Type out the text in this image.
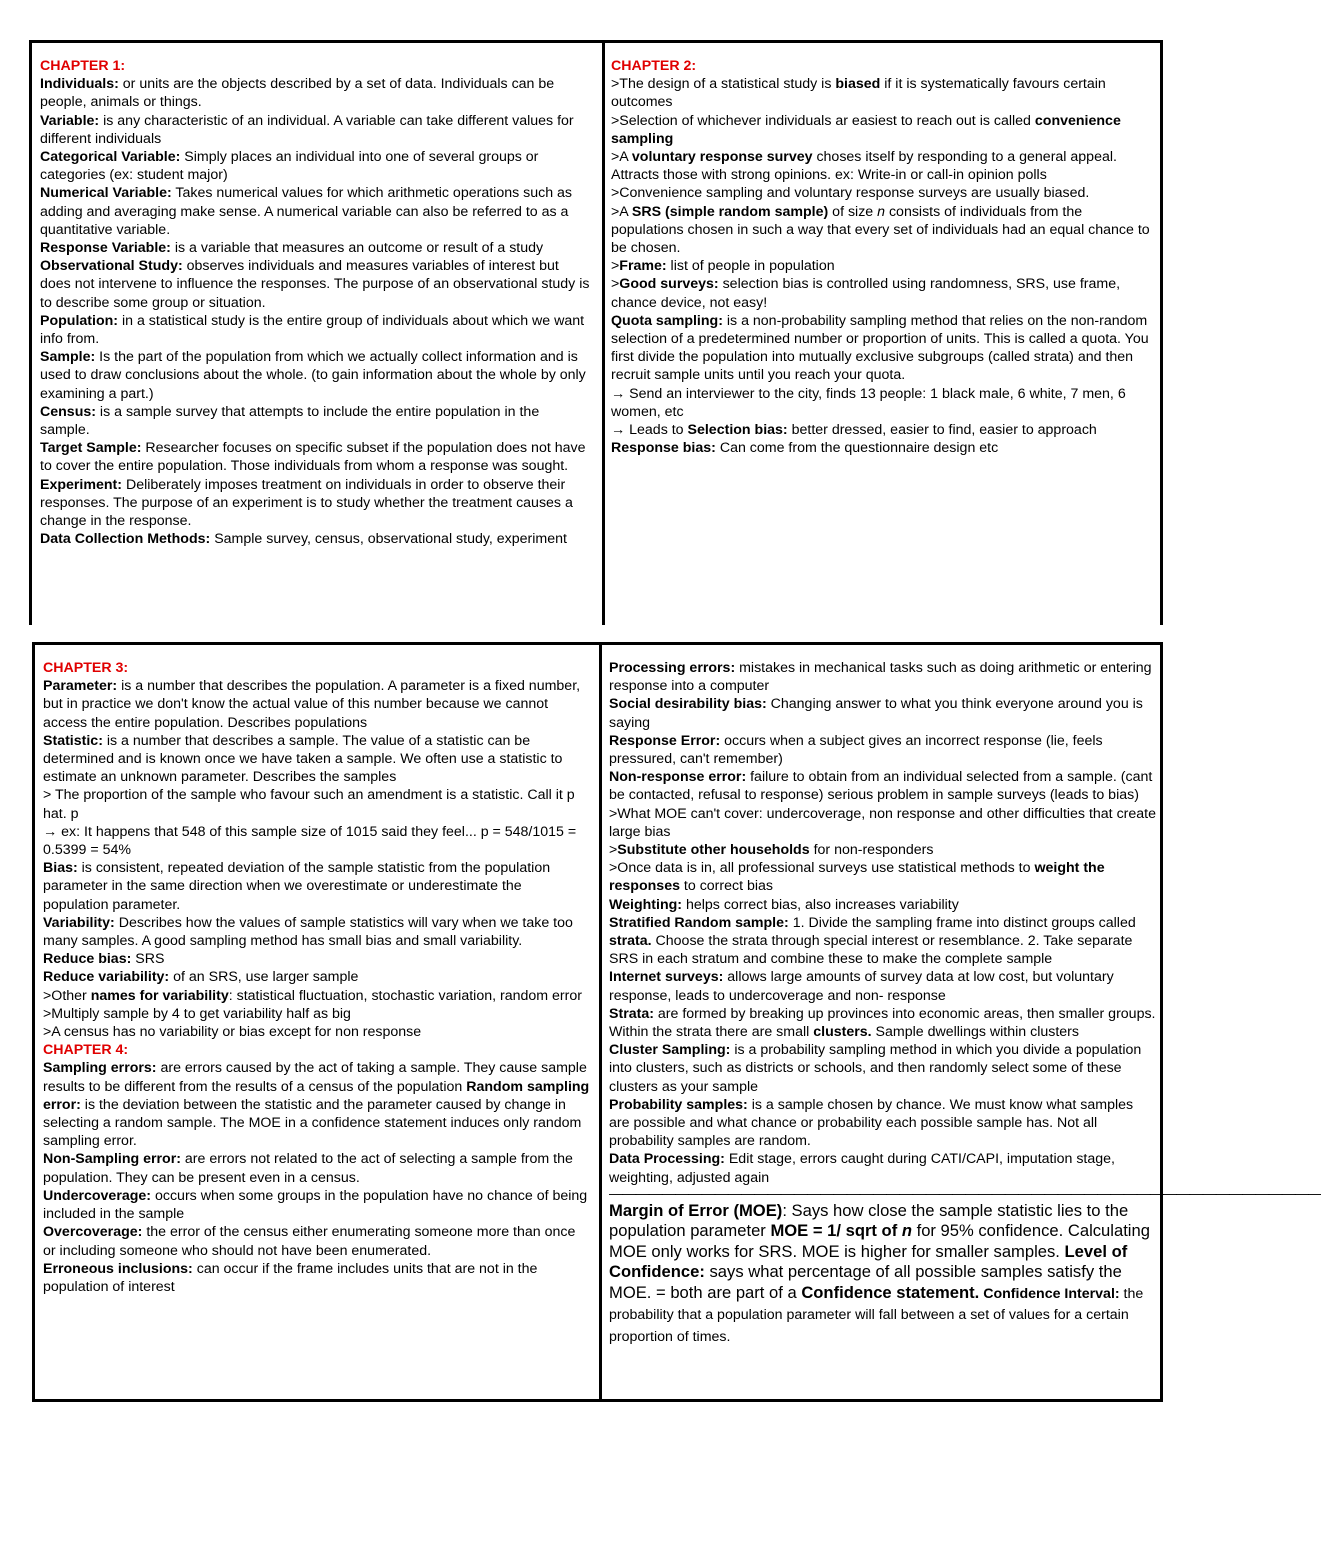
CHAPTER 1:

Individuals: or units are the objects described by a set of data. Individuals can be people, animals or things.

Variable: is any characteristic of an individual. A variable can take different values for different individuals

Categorical Variable: Simply places an individual into one of several groups or categories (ex: student major)

Numerical Variable: Takes numerical values for which arithmetic operations such as adding and averaging make sense. A numerical variable can also be referred to as a quantitative variable.

Response Variable: is a variable that measures an outcome or result of a study

Observational Study: observes individuals and measures variables of interest but does not intervene to influence the responses. The purpose of an observational study is to describe some group or situation.

Population: in a statistical study is the entire group of individuals about which we want info from.

Sample: Is the part of the population from which we actually collect information and is used to draw conclusions about the whole. (to gain information about the whole by only examining a part.)

Census: is a sample survey that attempts to include the entire population in the sample.

Target Sample: Researcher focuses on specific subset if the population does not have to cover the entire population. Those individuals from whom a response was sought.

Experiment: Deliberately imposes treatment on individuals in order to observe their responses. The purpose of an experiment is to study whether the treatment causes a change in the response.

Data Collection Methods: Sample survey, census, observational study, experiment

CHAPTER 2:

>The design of a statistical study is biased if it is systematically favours certain outcomes

>Selection of whichever individuals ar easiest to reach out is called convenience sampling

>A voluntary response survey choses itself by responding to a general appeal. Attracts those with strong opinions. ex: Write-in or call-in opinion polls

>Convenience sampling and voluntary response surveys are usually biased.

>A SRS (simple random sample) of size n consists of individuals from the populations chosen in such a way that every set of individuals had an equal chance to be chosen.

>Frame: list of people in population

>Good surveys: selection bias is controlled using randomness, SRS, use frame, chance device, not easy!

Quota sampling: is a non-probability sampling method that relies on the non-random selection of a predetermined number or proportion of units. This is called a quota. You first divide the population into mutually exclusive subgroups (called strata) and then recruit sample units until you reach your quota.

→ Send an interviewer to the city, finds 13 people: 1 black male, 6 white, 7 men, 6 women, etc

→ Leads to Selection bias: better dressed, easier to find, easier to approach

Response bias: Can come from the questionnaire design etc

CHAPTER 3:

Parameter: is a number that describes the population. A parameter is a fixed number, but in practice we don't know the actual value of this number because we cannot access the entire population. Describes populations

Statistic: is a number that describes a sample. The value of a statistic can be determined and is known once we have taken a sample. We often use a statistic to estimate an unknown parameter. Describes the samples

> The proportion of the sample who favour such an amendment is a statistic. Call it p hat. p

→ ex: It happens that 548 of this sample size of 1015 said they feel... p = 548/1015 = 0.5399 = 54%

Bias: is consistent, repeated deviation of the sample statistic from the population parameter in the same direction when we overestimate or underestimate the population parameter.

Variability: Describes how the values of sample statistics will vary when we take too many samples. A good sampling method has small bias and small variability.

Reduce bias: SRS

Reduce variability: of an SRS, use larger sample

>Other names for variability: statistical fluctuation, stochastic variation, random error

>Multiply sample by 4 to get variability half as big

>A census has no variability or bias except for non response

CHAPTER 4:

Sampling errors: are errors caused by the act of taking a sample. They cause sample results to be different from the results of a census of the population Random sampling error: is the deviation between the statistic and the parameter caused by change in selecting a random sample. The MOE in a confidence statement induces only random sampling error.

Non-Sampling error: are errors not related to the act of selecting a sample from the population. They can be present even in a census.

Undercoverage: occurs when some groups in the population have no chance of being included in the sample

Overcoverage: the error of the census either enumerating someone more than once or including someone who should not have been enumerated.

Erroneous inclusions: can occur if the frame includes units that are not in the population of interest

Processing errors: mistakes in mechanical tasks such as doing arithmetic or entering response into a computer

Social desirability bias: Changing answer to what you think everyone around you is saying

Response Error: occurs when a subject gives an incorrect response (lie, feels pressured, can't remember)

Non-response error: failure to obtain from an individual selected from a sample. (cant be contacted, refusal to response) serious problem in sample surveys (leads to bias)

>What MOE can't cover: undercoverage, non response and other difficulties that create large bias

>Substitute other households for non-responders

>Once data is in, all professional surveys use statistical methods to weight the responses to correct bias

Weighting: helps correct bias, also increases variability

Stratified Random sample: 1. Divide the sampling frame into distinct groups called strata. Choose the strata through special interest or resemblance. 2. Take separate SRS in each stratum and combine these to make the complete sample

Internet surveys: allows large amounts of survey data at low cost, but voluntary response, leads to undercoverage and non- response

Strata: are formed by breaking up provinces into economic areas, then smaller groups. Within the strata there are small clusters. Sample dwellings within clusters

Cluster Sampling: is a probability sampling method in which you divide a population into clusters, such as districts or schools, and then randomly select some of these clusters as your sample

Probability samples: is a sample chosen by chance. We must know what samples are possible and what chance or probability each possible sample has. Not all probability samples are random.

Data Processing: Edit stage, errors caught during CATI/CAPI, imputation stage, weighting, adjusted again

——————————————————————————————————————————————————————

Margin of Error (MOE): Says how close the sample statistic lies to the population parameter MOE = 1/ sqrt of n for 95% confidence. Calculating MOE only works for SRS. MOE is higher for smaller samples. Level of Confidence: says what percentage of all possible samples satisfy the MOE. = both are part of a Confidence statement. Confidence Interval: the probability that a population parameter will fall between a set of values for a certain proportion of times.
